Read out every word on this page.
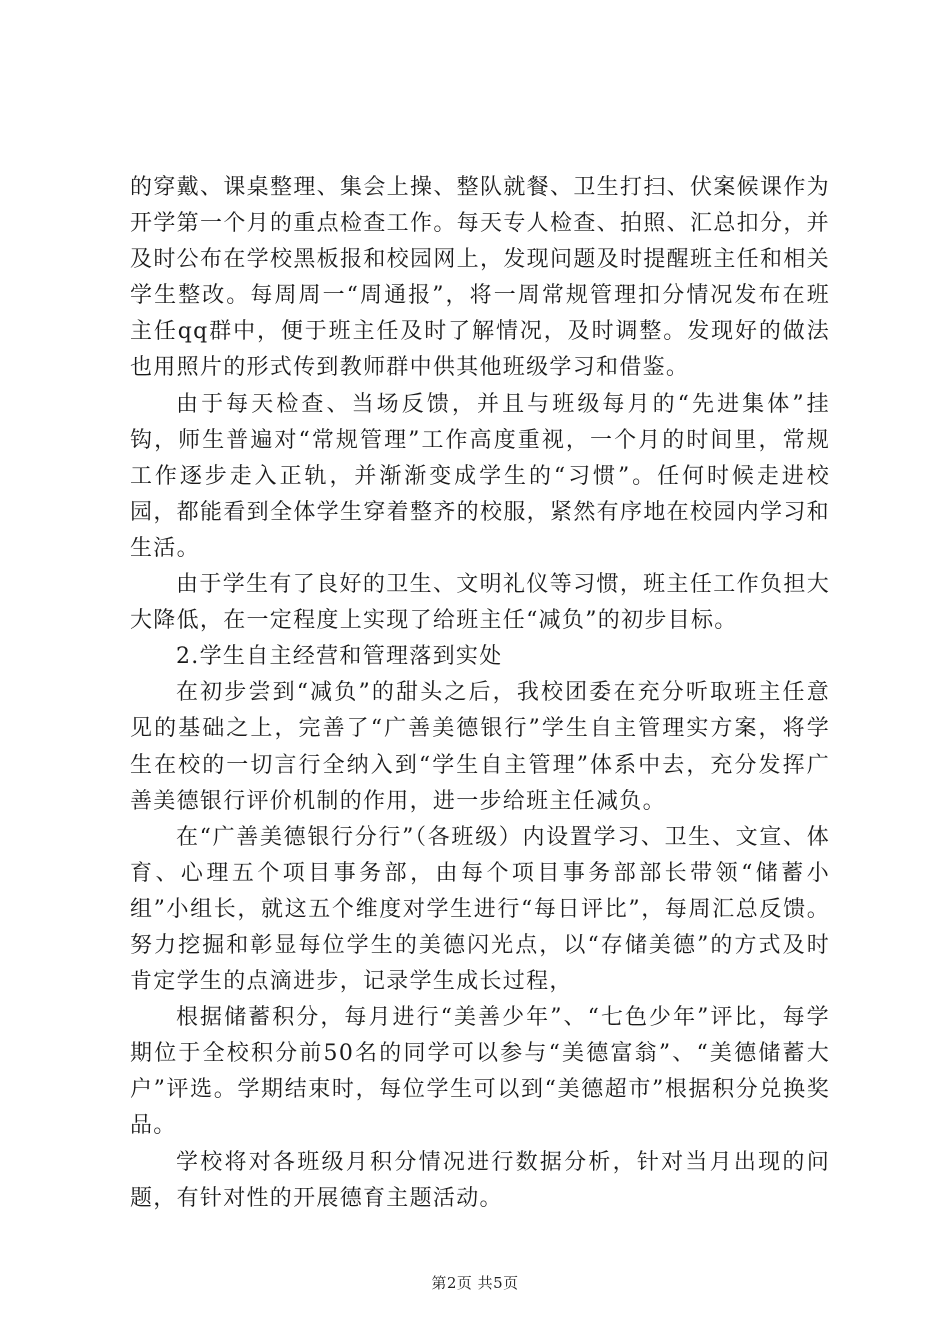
的穿戴、课桌整理、集会上操、整队就餐、卫生打扫、伏案候课作为开学第一个月的重点检查工作。每天专人检查、拍照、汇总扣分，并及时公布在学校黑板报和校园网上，发现问题及时提醒班主任和相关学生整改。每周周一“周通报”，将一周常规管理扣分情况发布在班主任qq群中，便于班主任及时了解情况，及时调整。发现好的做法也用照片的形式传到教师群中供其他班级学习和借鉴。

由于每天检查、当场反馈，并且与班级每月的“先进集体”挂钩，师生普遍对“常规管理”工作高度重视，一个月的时间里，常规工作逐步走入正轨，并渐渐变成学生的“习惯”。任何时候走进校园，都能看到全体学生穿着整齐的校服，紧然有序地在校园内学习和生活。

由于学生有了良好的卫生、文明礼仪等习惯，班主任工作负担大大降低，在一定程度上实现了给班主任“减负”的初步目标。

2.学生自主经营和管理落到实处

在初步尝到“减负”的甜头之后，我校团委在充分听取班主任意见的基础之上，完善了“广善美德银行”学生自主管理实方案，将学生在校的一切言行全纳入到“学生自主管理”体系中去，充分发挥广善美德银行评价机制的作用，进一步给班主任减负。

在“广善美德银行分行”（各班级）内设置学习、卫生、文宣、体育、心理五个项目事务部，由每个项目事务部部长带领“储蓄小组”小组长，就这五个维度对学生进行“每日评比”，每周汇总反馈。努力挖掘和彰显每位学生的美德闪光点，以“存储美德”的方式及时肯定学生的点滴进步，记录学生成长过程，

根据储蓄积分，每月进行“美善少年”、“七色少年”评比，每学期位于全校积分前50名的同学可以参与“美德富翁”、“美德储蓄大户”评选。学期结束时，每位学生可以到“美德超市”根据积分兑换奖品。

学校将对各班级月积分情况进行数据分析，针对当月出现的问题，有针对性的开展德育主题活动。

第2页 共5页
